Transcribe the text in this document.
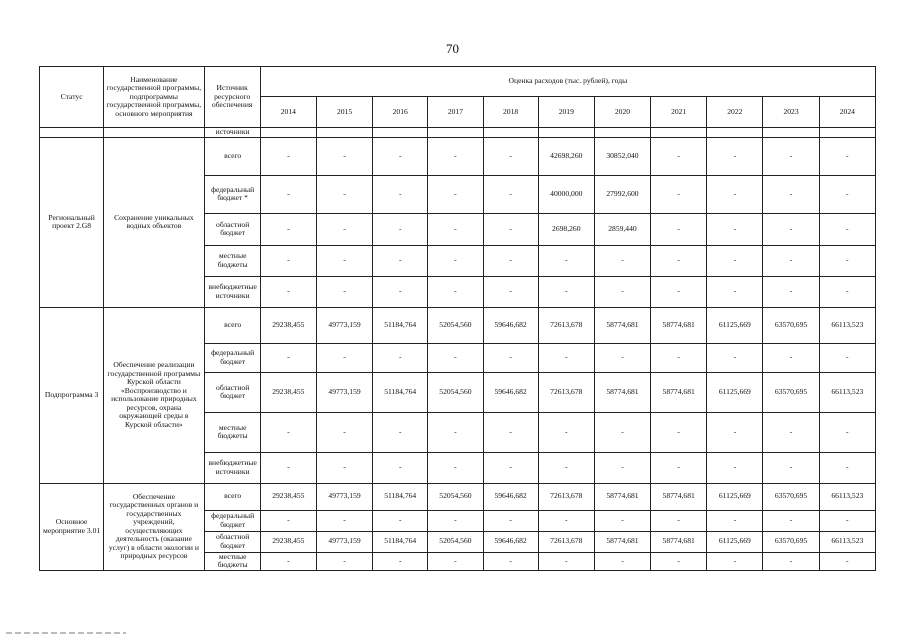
70
Статус	Наименование государственной программы, подпрограммы государственной программы, основного мероприятия	Источник ресурсного обеспечения	Оценка расходов (тыс. рублей), годы										
			2014	2015	2016	2017	2018	2019	2020	2021	2022	2023	2024
		источники											
Региональный проект 2.G8	Сохранение уникальных водных объектов	всего	-	-	-	-	-	42698,260	30852,040	-	-	-	-
		федеральный бюджет *	-	-	-	-	-	40000,000	27992,600	-	-	-	-
		областной бюджет	-	-	-	-	-	2698,260	2859,440	-	-	-	-
		местные бюджеты	-	-	-	-	-	-	-	-	-	-	-
		внебюджетные источники	-	-	-	-	-	-	-	-	-	-	-
Подпрограмма 3	Обеспечение реализации государственной программы Курской области «Воспроизводство и использование природных ресурсов, охрана окружающей среды в Курской области»	всего	29238,455	49773,159	51184,764	52054,560	59646,682	72613,678	58774,681	58774,681	61125,669	63570,695	66113,523
		федеральный бюджет	-	-	-	-	-	-	-	-	-	-	-
		областной бюджет	29238,455	49773,159	51184,764	52054,560	59646,682	72613,678	58774,681	58774,681	61125,669	63570,695	66113,523
		местные бюджеты	-	-	-	-	-	-	-	-	-	-	-
		внебюджетные источники	-	-	-	-	-	-	-	-	-	-	-
Основное мероприятие 3.01	Обеспечение государственных органов и государственных учреждений, осуществляющих деятельность (оказание услуг) в области экологии и природных ресурсов	всего	29238,455	49773,159	51184,764	52054,560	59646,682	72613,678	58774,681	58774,681	61125,669	63570,695	66113,523
		федеральный бюджет	-	-	-	-	-	-	-	-	-	-	-
		областной бюджет	29238,455	49773,159	51184,764	52054,560	59646,682	72613,678	58774,681	58774,681	61125,669	63570,695	66113,523
		местные бюджеты	-	-	-	-	-	-	-	-	-	-	-
